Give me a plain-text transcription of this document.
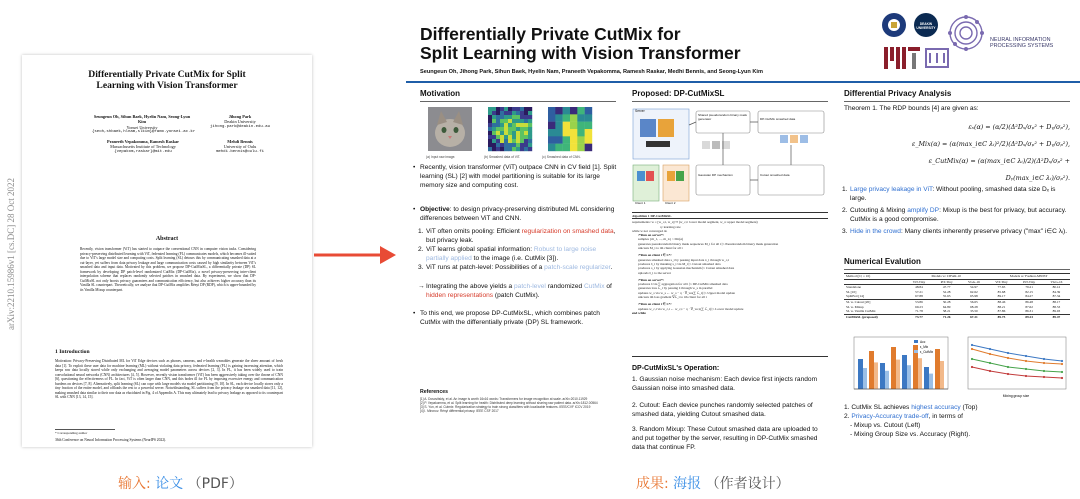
arXiv:2210.15986v1 [cs.DC] 28 Oct 2022
Differentially Private CutMix for Split Learning with Vision Transformer
Seungeun Oh, Sihun Baek, Hyelin Nam, Seong-Lyun Kim
Yonsei University
{seoh,shbaek,hlnam,slkim}@ramo.yonsei.ac.kr
Jihong Park
Deakin University
jihong.park@deakin.edu.au
Praneeth Vepakomma, Ramesh Raskar
Massachusetts Institute of Technology
{vepakom,raskar}@mit.edu
Mehdi Bennis
University of Oulu
mehdi.bennis@oulu.fi
Abstract
Recently, vision transformer (ViT) has started to outpace the conventional CNN in computer vision tasks. Considering privacy-preserving distributed learning with ViT, federated learning (FL) communicates models, which becomes ill-suited due to ViT's large model size and computing costs. Split learning (SL) detours this by communicating smashed data at a cut-layer, yet suffers from data privacy leakage and large communication costs caused by high similarity between ViT's smashed data and input data. Motivated by this problem, we propose DP-CutMixSL, a differentially private (DP) SL framework by developing DP patch-level randomized CutMix (DP-CutMix), a novel privacy-preserving inter-client interpolation scheme that replaces randomly selected patches in smashed data. By experiment, we show that DP-CutMixSL not only boosts privacy guarantees and communication efficiency, but also achieves higher accuracy than its Vanilla SL counterpart. Theoretically, we analyze that DP-CutMix amplifies Rényi DP (RDP), which is upper-bounded by its Vanilla Mixup counterpart.
1 Introduction
Motivation: Privacy-Preserving Distributed ML for ViT Edge devices such as phones, cameras, and e-health wearables generate the sheer amount of fresh data [1]. To exploit these user data for machine learning (ML) without violating data privacy, federated learning (FL) is gaining increasing attention, which keeps raw data locally stored while only exchanging and averaging model parameters across devices [2, 3]. In FL, it has been widely used to train convolutional neural networks (CNN) architectures [4, 5]. However, recently vision transformer (ViT) has been aggressively taking over the throne of CNN [6], questioning the effectiveness of FL. In fact, ViT is often larger than CNN, and this bodes ill for FL by imposing excessive energy and communication burdens on devices [7, 8]. Alternatively, split learning (SL) can cope with large models via model partitioning [9, 10]. In SL, each device locally stores only a tiny fraction of the entire model, and offloads the rest to a powerful server. Notwithstanding, SL suffers from the privacy leakage via smashed data [11, 12], making smashed data similar to their raw data as elucidated in Fig. 4 of Appendix A. This may ultimately lead to privacy leakage as opposed to its counterpart SL with CNN [13, 14, 15].
* Corresponding author
36th Conference on Neural Information Processing Systems (NeurIPS 2022).
Differentially Private CutMix for
Split Learning with Vision Transformer
Seungeun Oh, Jihong Park, Sihun Baek, Hyelin Nam, Praneeth Vepakomma, Ramesh Raskar, Medhi Bennis, and Seong-Lyun Kim
DEAKIN UNIVERSITY
NEURAL INFORMATION PROCESSING SYSTEMS
Motivation
(a) Input raw image.	(b) Smashed data of ViT.	(c) Smashed data of CNN.
• Recently, vision transformer (ViT) outpace CNN in CV field [1]. Split learning (SL) [2] with model partitioning is suitable for its large memory size and computing cost.
• Objective: to design privacy-preserving distributed ML considering differences between ViT and CNN.
1. ViT often omits pooling: Efficient regularization on smashed data, but privacy leak.
2. ViT learns global spatial information: Robust to large noise partially applied to the image (i.e. CutMix [3]).
3. ViT runs at patch-level: Possibilities of a patch-scale regularizer.
→ Integrating the above yields a patch-level randomized CutMix of hidden representations (patch CutMix).
• To this end, we propose DP-CutMixSL, which combines patch CutMix with the differentially private (DP) SL framework.
References
[1] A. Dosovitskiy, et al. An image is worth 16x16 words: Transformers for image recognition at scale. arXiv:2010.11929
[2] P. Vepakomma, et al. Split learning for health: Distributed deep learning without sharing raw patient data. arXiv:1812.00564
[3] S. Yun, et al. Cutmix: Regularization strategy to train strong classifiers with localizable features. IEEE/CVF ICCV 2019
[4] I. Mironov. Rényi differential privacy. IEEE CSF 2017
Proposed: DP-CutMixSL
Server
Shared pseudorandom binary mask generator	DP-CutMix smashed data
Gaussian DP mechanism	Cutout smashed data
Client 1	Client 2
Algorithm 1 DP-CutMixSL
requirements: w = [w_c,i, w_s]^T (w_c,i: lower model segment, w_s: upper model segment)
η: learning rate
while w not converged do
/*Run on server*/
samples {m_1, ..., m_n} ~ Dir(α)
generates pseudorandom binary mask sequences M_i for all i ▷ Pseudorandom binary mask generation
unicasts M_i to ith client for all i
/*Run on client i ∈ C*/
generates smashed data s_i by passing input data x_i through w_c,i
produces s̃_i by masking s_i via M_i ▷ Cutout smashed data
produces s_i by applying Gaussian mechanism ▷ Cutout smashed data
uploads s̃_i to the server
/*Run on server*/
produces s̄ via ∑ aggregation for all i ▷ DP-CutMix smashed data
generates loss ℒ_i by passing s̄ through w_s in parallel
updates w_s via w_s ← w_s − η · ∇_ws(∑ ℒ_i) ▷ Upper model update
unicasts ith loss gradient ∇ℒ_i to ith client for all i
/*Run on client i ∈ C*/
updates w_c,i via w_c,i ← w_c,i − η · ∇_wc,i(∑ ℒ_i) ▷ Lower model update
end while
DP-CutMixSL's Operation:
1. Gaussian noise mechanism: Each device first injects random Gaussian noise into smashed data.
2. Cutout: Each device punches randomly selected patches of smashed data, yielding Cutout smashed data.
3. Random Mixup: These Cutout smashed data are uploaded to and put together by the server, resulting in DP-CutMix smashed data that continue FP.
Differential Privacy Analysis
Theorem 1. The RDP bounds [4] are given as:
εₛ(α) = (α/2)(Δ²Dₓ/σₚ² + Dᵧ/σₚ²),
ε_Mix(α) = (α(max_i∈C λᵢ)²/2)(Δ²Dₓ/σₚ² + Dᵧ/σₚ²),
ε_CutMix(α) = (α(max_i∈C λᵢ)/2)(Δ²Dₓ/σₚ² + Dᵧ(max_i∈C λᵢ)/σₚ²).
1. Large privacy leakage in ViT: Without pooling, smashed data size Dₓ is large.
2. Cutouting & Mixing amplify DP: Mixup is the best for privacy, but accuracy. CutMix is a good compromise.
3. Hide in the crowd: Many clients inherently preserve privacy ("max" i∈C λᵢ).
Numerical Evalution
Method (|C| = 10)	Models w/ CIFAR-10			Models w/ Fashion-MNIST		
	ViT-Tiny	PiT-Tiny	VGG-16	ViT-Tiny	PiT-Tiny	VGG-16
Standalone	48.84	47.77	54.97	77.65	79.21	80.12
SL [10]	57.21	52.28	62.62	85.68	82.15	84.39
SplitFed [14]	67.88	55.63	65.98	89.17	84.27	87.34
SL w. Cutout [20]	53.86	50.28	56.65	88.46	86.48	88.17
SL w. Mixup	69.23	64.89	68.28	88.21	87.62	88.53
SL w. Vanilla CutMix	71.78	58.21	33.50	87.86	86.31	89.03
CutMixSL (proposed)	73.77	71.26	67.21	89.75	89.23	89.47
Acc
ε_Mix
ε_CutMix
Mixing group size
1. CutMix SL achieves highest accuracy (Top)
2. Privacy-Accuracy trade-off, in terms of
- Mixup vs. Cutout (Left)
- Mixing Group Size vs. Accuracy (Right).
输入: 论文 （PDF）	成果: 海报 （作者设计）
